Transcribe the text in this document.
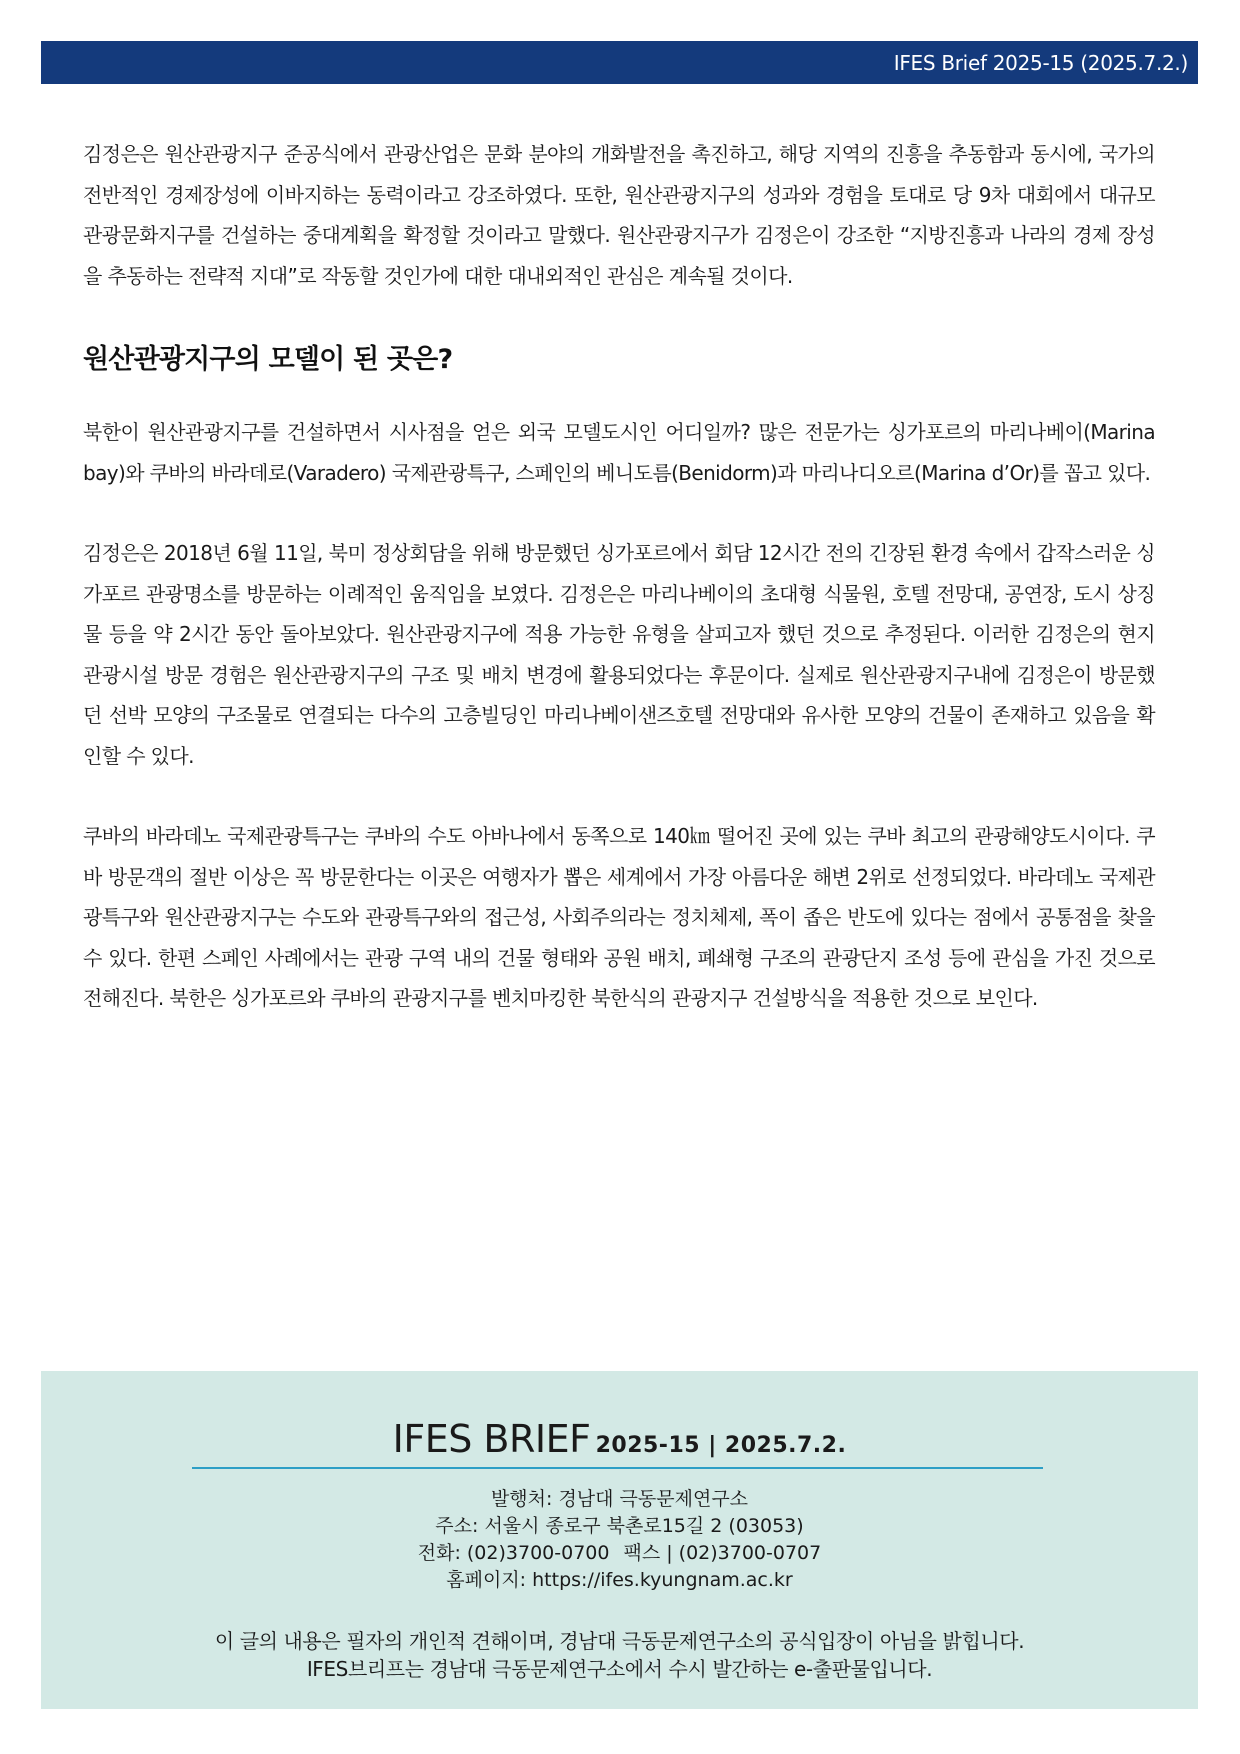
IFES Brief 2025-15 (2025.7.2.)

김정은은 원산관광지구 준공식에서 관광산업은 문화 분야의 개화발전을 촉진하고, 해당 지역의 진흥을 추동함과 동시에, 국가의 전반적인 경제장성에 이바지하는 동력이라고 강조하였다. 또한, 원산관광지구의 성과와 경험을 토대로 당 9차 대회에서 대규모 관광문화지구를 건설하는 중대계획을 확정할 것이라고 말했다. 원산관광지구가 김정은이 강조한 “지방진흥과 나라의 경제 장성을 추동하는 전략적 지대”로 작동할 것인가에 대한 대내외적인 관심은 계속될 것이다.

원산관광지구의 모델이 된 곳은?

북한이 원산관광지구를 건설하면서 시사점을 얻은 외국 모델도시인 어디일까? 많은 전문가는 싱가포르의 마리나베이(Marina bay)와 쿠바의 바라데로(Varadero) 국제관광특구, 스페인의 베니도름(Benidorm)과 마리나디오르(Marina d’Or)를 꼽고 있다.

김정은은 2018년 6월 11일, 북미 정상회담을 위해 방문했던 싱가포르에서 회담 12시간 전의 긴장된 환경 속에서 갑작스러운 싱가포르 관광명소를 방문하는 이례적인 움직임을 보였다. 김정은은 마리나베이의 초대형 식물원, 호텔 전망대, 공연장, 도시 상징물 등을 약 2시간 동안 돌아보았다. 원산관광지구에 적용 가능한 유형을 살피고자 했던 것으로 추정된다. 이러한 김정은의 현지 관광시설 방문 경험은 원산관광지구의 구조 및 배치 변경에 활용되었다는 후문이다. 실제로 원산관광지구내에 김정은이 방문했던 선박 모양의 구조물로 연결되는 다수의 고층빌딩인 마리나베이샌즈호텔 전망대와 유사한 모양의 건물이 존재하고 있음을 확인할 수 있다.

쿠바의 바라데노 국제관광특구는 쿠바의 수도 아바나에서 동쪽으로 140㎞ 떨어진 곳에 있는 쿠바 최고의 관광해양도시이다. 쿠바 방문객의 절반 이상은 꼭 방문한다는 이곳은 여행자가 뽑은 세계에서 가장 아름다운 해변 2위로 선정되었다. 바라데노 국제관광특구와 원산관광지구는 수도와 관광특구와의 접근성, 사회주의라는 정치체제, 폭이 좁은 반도에 있다는 점에서 공통점을 찾을 수 있다. 한편 스페인 사례에서는 관광 구역 내의 건물 형태와 공원 배치, 폐쇄형 구조의 관광단지 조성 등에 관심을 가진 것으로 전해진다. 북한은 싱가포르와 쿠바의 관광지구를 벤치마킹한 북한식의 관광지구 건설방식을 적용한 것으로 보인다.

IFES BRIEF 2025-15 | 2025.7.2.
발행처: 경남대 극동문제연구소
주소: 서울시 종로구 북촌로15길 2 (03053)
전화: (02)3700-0700 팩스 | (02)3700-0707
홈페이지: https://ifes.kyungnam.ac.kr
이 글의 내용은 필자의 개인적 견해이며, 경남대 극동문제연구소의 공식입장이 아님을 밝힙니다.
IFES브리프는 경남대 극동문제연구소에서 수시 발간하는 e-출판물입니다.
